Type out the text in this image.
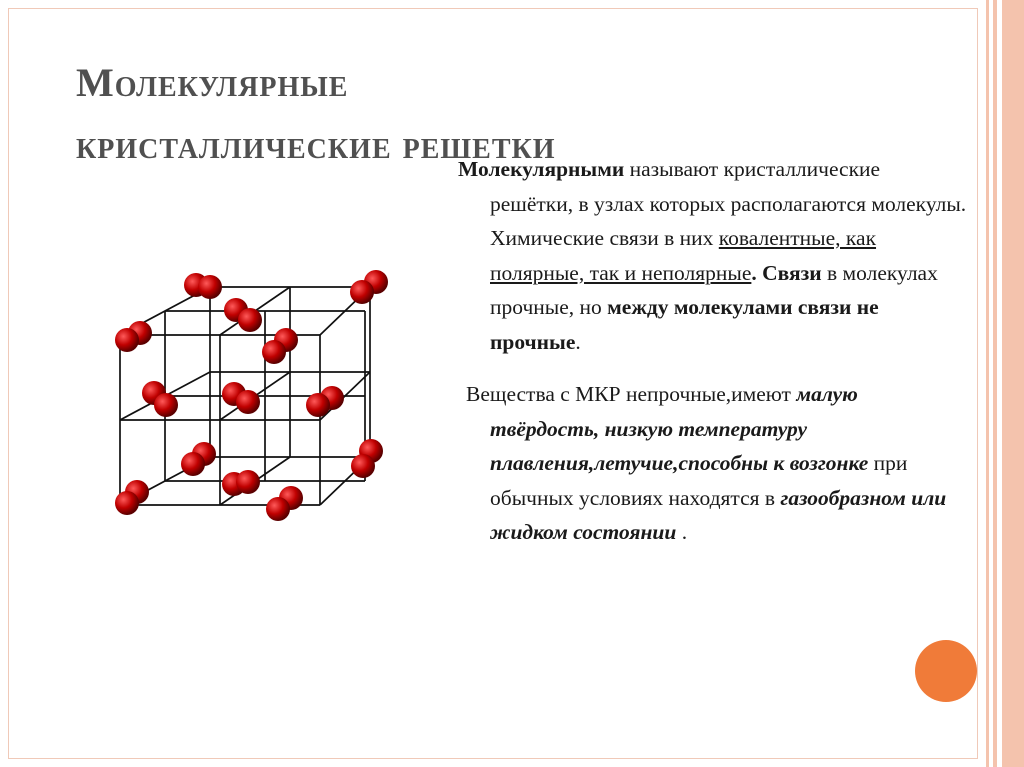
Молекулярные
кристаллические решетки

Молекулярными называют кристаллические решётки, в узлах которых располагаются молекулы. Химические связи в них ковалентные, как полярные, так и неполярные. Связи в молекулах прочные, но между молекулами связи не прочные.

Вещества с МКР непрочные,имеют малую твёрдость, низкую температуру плавления,летучие,способны к возгонке при обычных условиях находятся в газообразном или жидком состоянии .
